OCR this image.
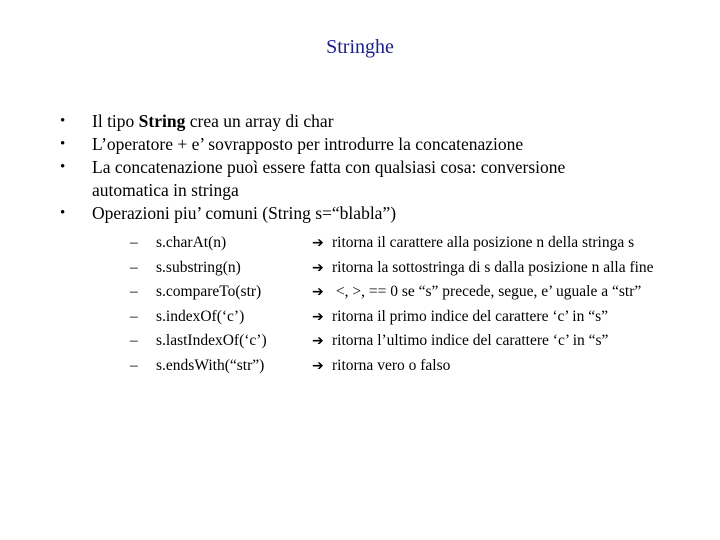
Stringhe
• Il tipo String crea un array di char
• L’operatore + e’ sovrapposto per introdurre la concatenazione
• La concatenazione puoì essere fatta con qualsiasi cosa: conversione
automatica in stringa
• Operazioni piu’ comuni (String s=“blabla”)
– s.charAt(n)	➔ ritorna il carattere alla posizione n della stringa s
– s.substring(n)	➔ ritorna la sottostringa di s dalla posizione n alla fine
– s.compareTo(str)	➔ <, >, == 0 se “s” precede, segue, e’ uguale a “str”
– s.indexOf(‘c’)	➔ ritorna il primo indice del carattere ‘c’ in “s”
– s.lastIndexOf(‘c’)	➔ ritorna l’ultimo indice del carattere ‘c’ in “s”
– s.endsWith(“str”)	➔ ritorna vero o falso
